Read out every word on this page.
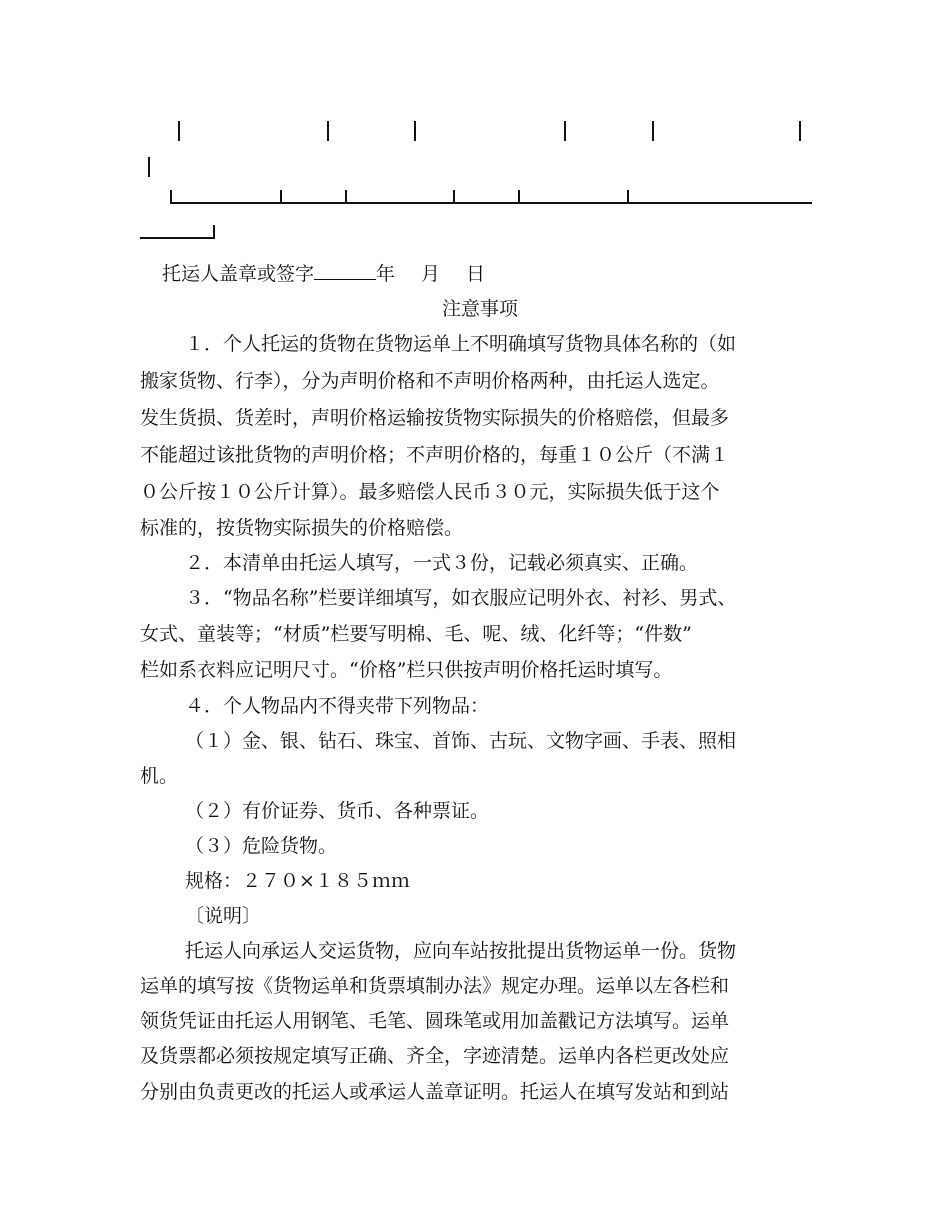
托运人盖章或签字	年 月 日
注意事项
１．个人托运的货物在货物运单上不明确填写货物具体名称的（如
搬家货物、行李），分为声明价格和不声明价格两种，由托运人选定。
发生货损、货差时，声明价格运输按货物实际损失的价格赔偿，但最多
不能超过该批货物的声明价格；不声明价格的，每重１０公斤（不满１
０公斤按１０公斤计算）。最多赔偿人民币３０元，实际损失低于这个
标准的，按货物实际损失的价格赔偿。
２．本清单由托运人填写，一式３份，记载必须真实、正确。
３．“物品名称”栏要详细填写，如衣服应记明外衣、衬衫、男式、
女式、童装等；“材质”栏要写明棉、毛、呢、绒、化纤等；“件数”
栏如系衣料应记明尺寸。“价格”栏只供按声明价格托运时填写。
４．个人物品内不得夹带下列物品：
（１）金、银、钻石、珠宝、首饰、古玩、文物字画、手表、照相
机。
（２）有价证券、货币、各种票证。
（３）危险货物。
规格：２７０×１８５ｍｍ
〔说明〕
托运人向承运人交运货物，应向车站按批提出货物运单一份。货物
运单的填写按《货物运单和货票填制办法》规定办理。运单以左各栏和
领货凭证由托运人用钢笔、毛笔、圆珠笔或用加盖戳记方法填写。运单
及货票都必须按规定填写正确、齐全，字迹清楚。运单内各栏更改处应
分别由负责更改的托运人或承运人盖章证明。托运人在填写发站和到站
